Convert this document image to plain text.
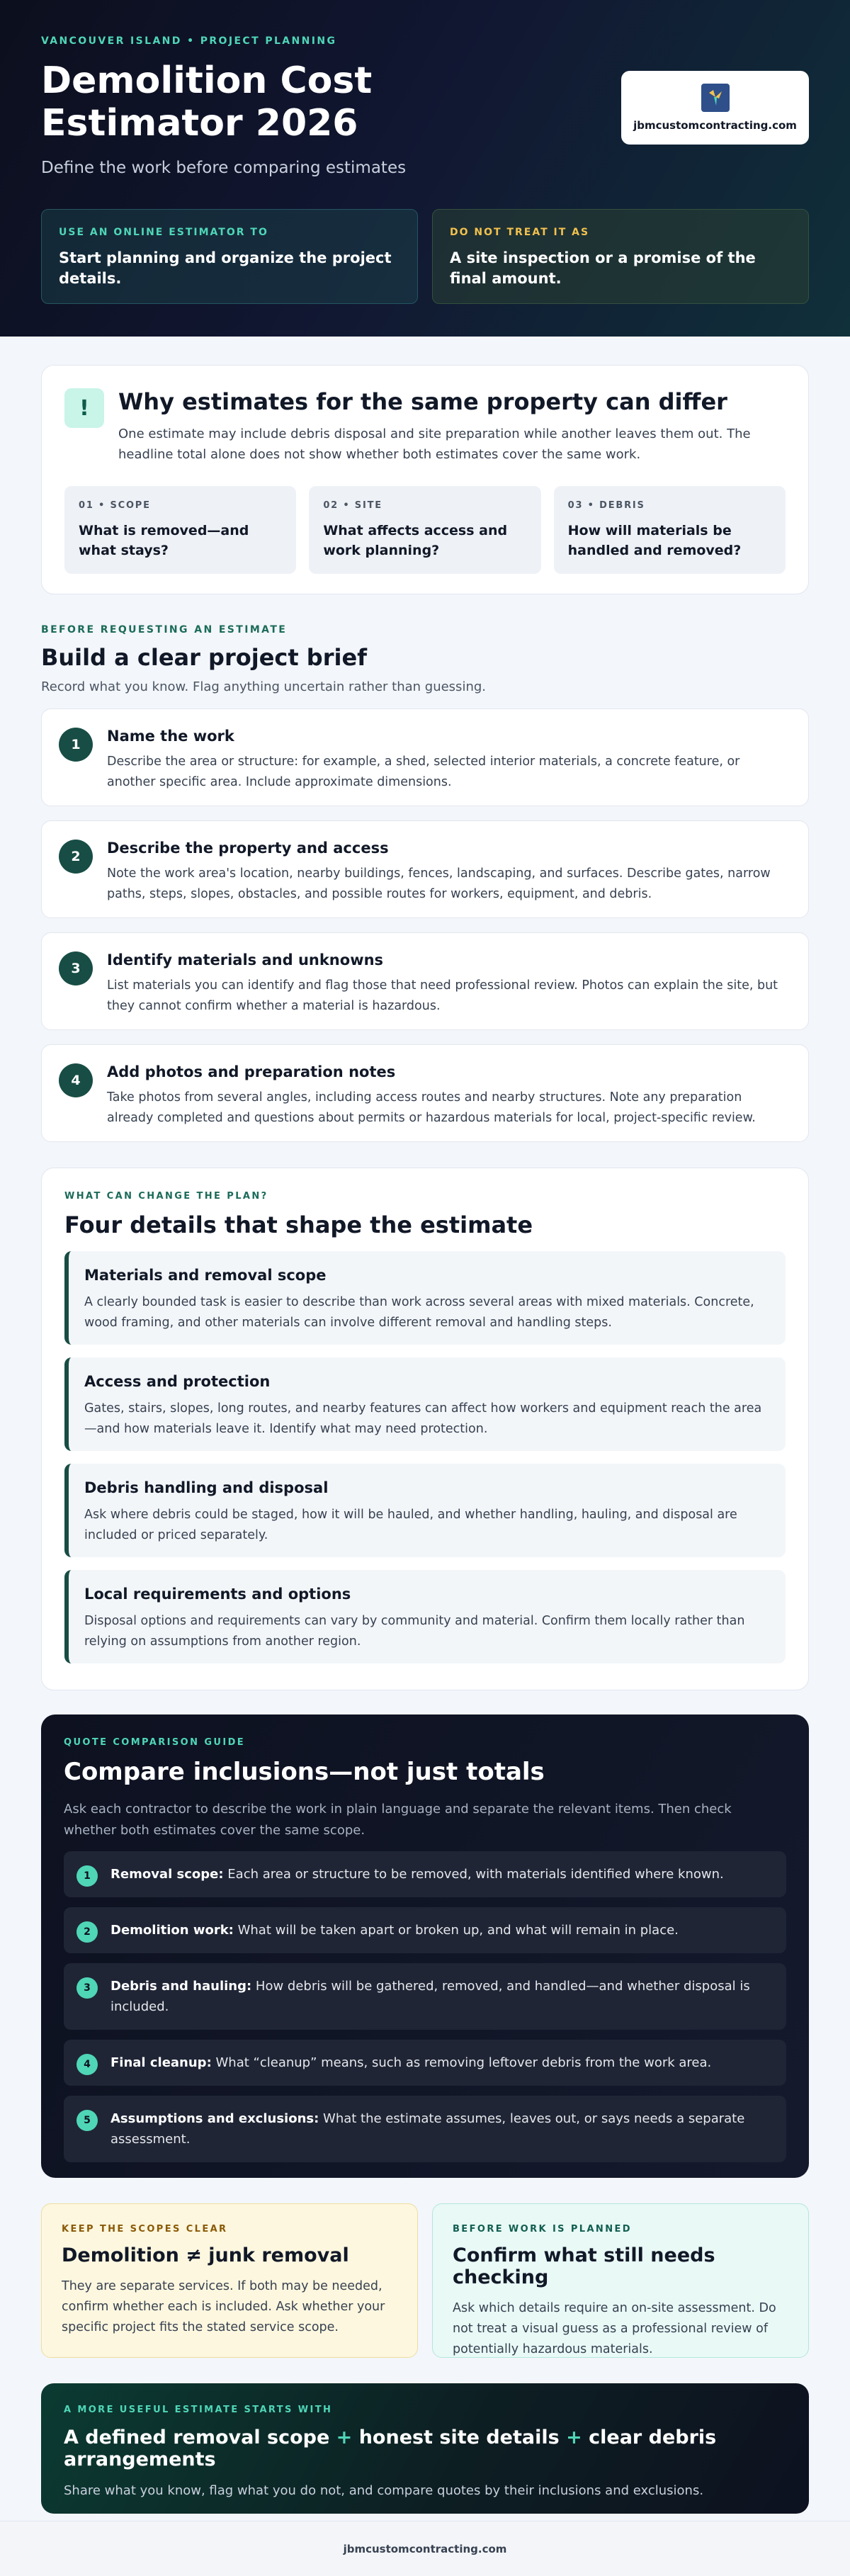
VANCOUVER ISLAND • PROJECT PLANNING
Demolition Cost Estimator 2026
Define the work before comparing estimates
jbmcustomcontracting.com
USE AN ONLINE ESTIMATOR TO
Start planning and organize the project details.
DO NOT TREAT IT AS
A site inspection or a promise of the final amount.
!	Why estimates for the same property can differ

One estimate may include debris disposal and site preparation while another leaves them out. The headline total alone does not show whether both estimates cover the same work.

01 • SCOPE
What is removed—and what stays?
02 • SITE
What affects access and work planning?
03 • DEBRIS
How will materials be handled and removed?
BEFORE REQUESTING AN ESTIMATE
Build a clear project brief

Record what you know. Flag anything uncertain rather than guessing.

1	Name the work
Describe the area or structure: for example, a shed, selected interior materials, a concrete feature, or another specific area. Include approximate dimensions.
2	Describe the property and access
Note the work area's location, nearby buildings, fences, landscaping, and surfaces. Describe gates, narrow paths, steps, slopes, obstacles, and possible routes for workers, equipment, and debris.
3	Identify materials and unknowns
List materials you can identify and flag those that need professional review. Photos can explain the site, but they cannot confirm whether a material is hazardous.
4	Add photos and preparation notes
Take photos from several angles, including access routes and nearby structures. Note any preparation already completed and questions about permits or hazardous materials for local, project-specific review.
WHAT CAN CHANGE THE PLAN?
Four details that shape the estimate
Materials and removal scope
A clearly bounded task is easier to describe than work across several areas with mixed materials. Concrete, wood framing, and other materials can involve different removal and handling steps.
Access and protection
Gates, stairs, slopes, long routes, and nearby features can affect how workers and equipment reach the area—and how materials leave it. Identify what may need protection.
Debris handling and disposal
Ask where debris could be staged, how it will be hauled, and whether handling, hauling, and disposal are included or priced separately.
Local requirements and options
Disposal options and requirements can vary by community and material. Confirm them locally rather than relying on assumptions from another region.
QUOTE COMPARISON GUIDE
Compare inclusions—not just totals

Ask each contractor to describe the work in plain language and separate the relevant items. Then check whether both estimates cover the same scope.

1	Removal scope: Each area or structure to be removed, with materials identified where known.
2	Demolition work: What will be taken apart or broken up, and what will remain in place.
3	Debris and hauling: How debris will be gathered, removed, and handled—and whether disposal is included.
4	Final cleanup: What “cleanup” means, such as removing leftover debris from the work area.
5	Assumptions and exclusions: What the estimate assumes, leaves out, or says needs a separate assessment.
KEEP THE SCOPES CLEAR
Demolition ≠ junk removal

They are separate services. If both may be needed, confirm whether each is included. Ask whether your specific project fits the stated service scope.

BEFORE WORK IS PLANNED
Confirm what still needs checking

Ask which details require an on-site assessment. Do not treat a visual guess as a professional review of potentially hazardous materials.

A MORE USEFUL ESTIMATE STARTS WITH
A defined removal scope + honest site details + clear debris arrangements

Share what you know, flag what you do not, and compare quotes by their inclusions and exclusions.

jbmcustomcontracting.com
